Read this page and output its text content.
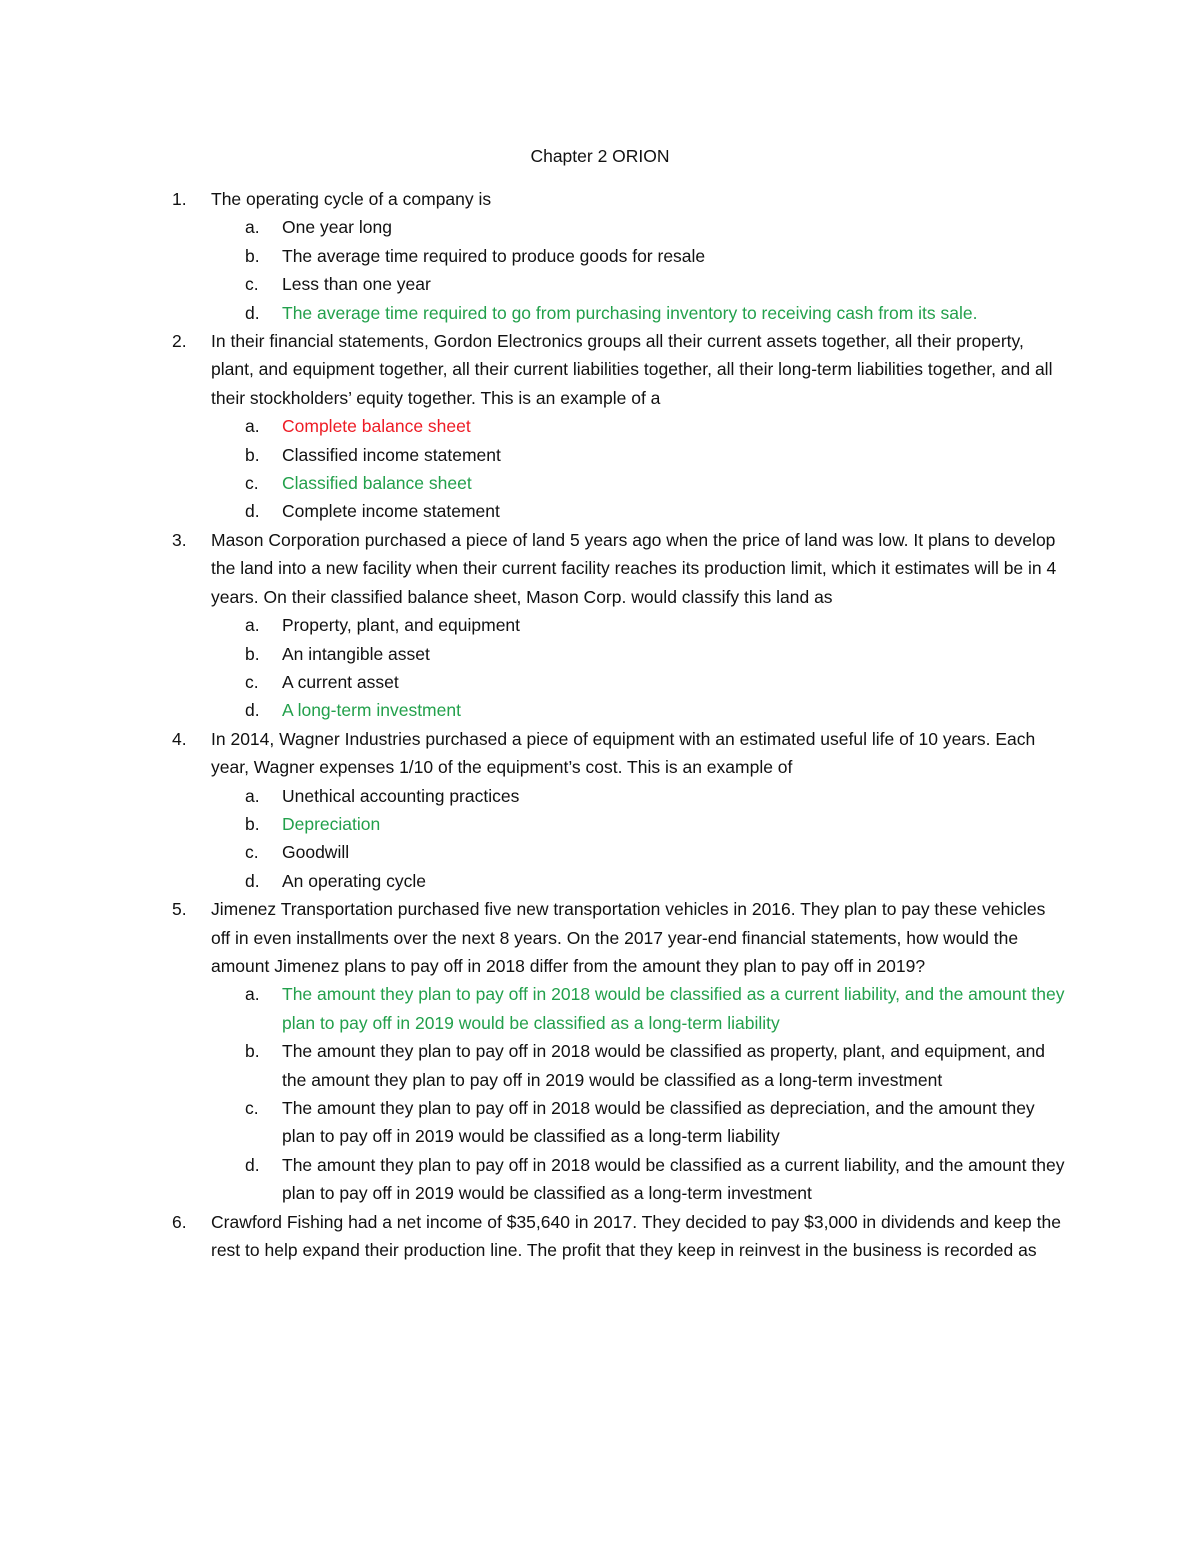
Chapter 2 ORION
1. The operating cycle of a company is
a. One year long
b. The average time required to produce goods for resale
c. Less than one year
d. The average time required to go from purchasing inventory to receiving cash from its sale.
2. In their financial statements, Gordon Electronics groups all their current assets together, all their property, plant, and equipment together, all their current liabilities together, all their long-term liabilities together, and all their stockholders’ equity together. This is an example of a
a. Complete balance sheet
b. Classified income statement
c. Classified balance sheet
d. Complete income statement
3. Mason Corporation purchased a piece of land 5 years ago when the price of land was low. It plans to develop the land into a new facility when their current facility reaches its production limit, which it estimates will be in 4 years. On their classified balance sheet, Mason Corp. would classify this land as
a. Property, plant, and equipment
b. An intangible asset
c. A current asset
d. A long-term investment
4. In 2014, Wagner Industries purchased a piece of equipment with an estimated useful life of 10 years. Each year, Wagner expenses 1/10 of the equipment’s cost. This is an example of
a. Unethical accounting practices
b. Depreciation
c. Goodwill
d. An operating cycle
5. Jimenez Transportation purchased five new transportation vehicles in 2016. They plan to pay these vehicles off in even installments over the next 8 years. On the 2017 year-end financial statements, how would the amount Jimenez plans to pay off in 2018 differ from the amount they plan to pay off in 2019?
a. The amount they plan to pay off in 2018 would be classified as a current liability, and the amount they plan to pay off in 2019 would be classified as a long-term liability
b. The amount they plan to pay off in 2018 would be classified as property, plant, and equipment, and the amount they plan to pay off in 2019 would be classified as a long-term investment
c. The amount they plan to pay off in 2018 would be classified as depreciation, and the amount they plan to pay off in 2019 would be classified as a long-term liability
d. The amount they plan to pay off in 2018 would be classified as a current liability, and the amount they plan to pay off in 2019 would be classified as a long-term investment
6. Crawford Fishing had a net income of $35,640 in 2017. They decided to pay $3,000 in dividends and keep the rest to help expand their production line. The profit that they keep in reinvest in the business is recorded as
